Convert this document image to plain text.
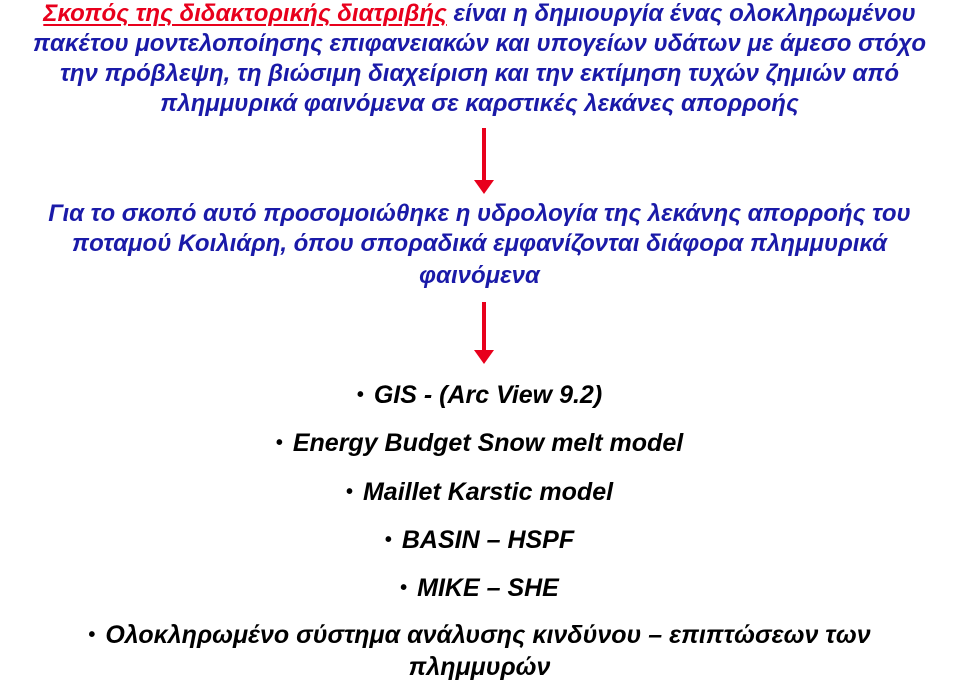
Σκοπός της διδακτορικής διατριβής είναι η δημιουργία ένας ολοκληρωμένου
πακέτου μοντελοποίησης επιφανειακών και υπογείων υδάτων με άμεσο στόχο
την πρόβλεψη, τη βιώσιμη διαχείριση και την εκτίμηση τυχών ζημιών από
πλημμυρικά φαινόμενα σε καρστικές λεκάνες απορροής
Για το σκοπό αυτό προσομοιώθηκε η υδρολογία της λεκάνης απορροής του
ποταμού Κοιλιάρη, όπου σποραδικά εμφανίζονται διάφορα πλημμυρικά
φαινόμενα
• GIS - (Arc View 9.2)
• Energy Budget Snow melt model
• Maillet Karstic model
• BASIN – HSPF
• MIKE – SHE
• Ολοκληρωμένο σύστημα ανάλυσης κινδύνου – επιπτώσεων των
πλημμυρών
